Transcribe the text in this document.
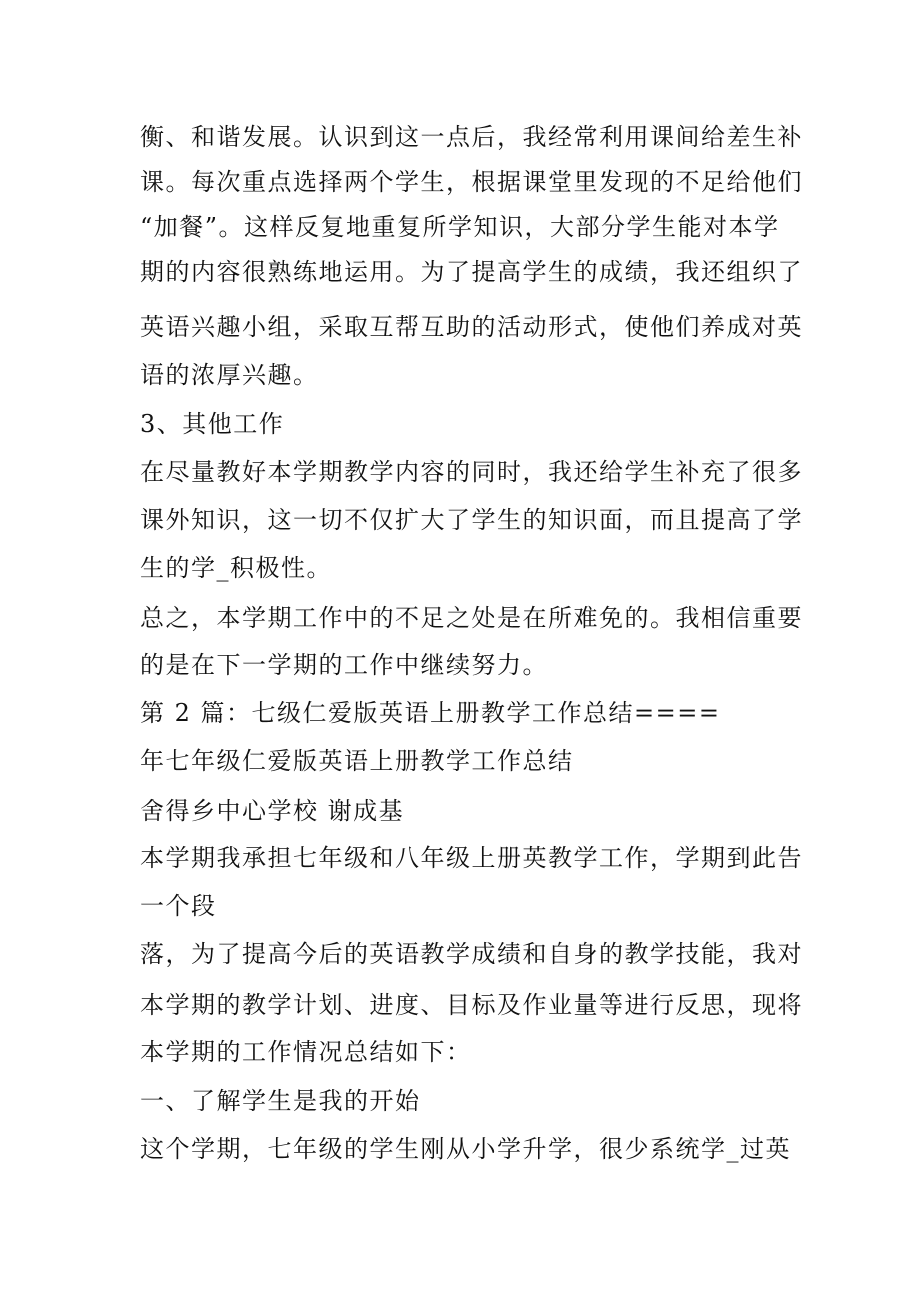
衡、和谐发展。认识到这一点后，我经常利用课间给差生补
课。每次重点选择两个学生，根据课堂里发现的不足给他们
“加餐”。这样反复地重复所学知识，大部分学生能对本学
期的内容很熟练地运用。为了提高学生的成绩，我还组织了
英语兴趣小组，采取互帮互助的活动形式，使他们养成对英
语的浓厚兴趣。
3、其他工作
在尽量教好本学期教学内容的同时，我还给学生补充了很多
课外知识，这一切不仅扩大了学生的知识面，而且提高了学
生的学_积极性。
总之，本学期工作中的不足之处是在所难免的。我相信重要
的是在下一学期的工作中继续努力。
第 2 篇：七级仁爱版英语上册教学工作总结====
年七年级仁爱版英语上册教学工作总结
舍得乡中心学校 谢成基
本学期我承担七年级和八年级上册英教学工作，学期到此告
一个段
落，为了提高今后的英语教学成绩和自身的教学技能，我对
本学期的教学计划、进度、目标及作业量等进行反思，现将
本学期的工作情况总结如下：
一、了解学生是我的开始
这个学期，七年级的学生刚从小学升学，很少系统学_过英
